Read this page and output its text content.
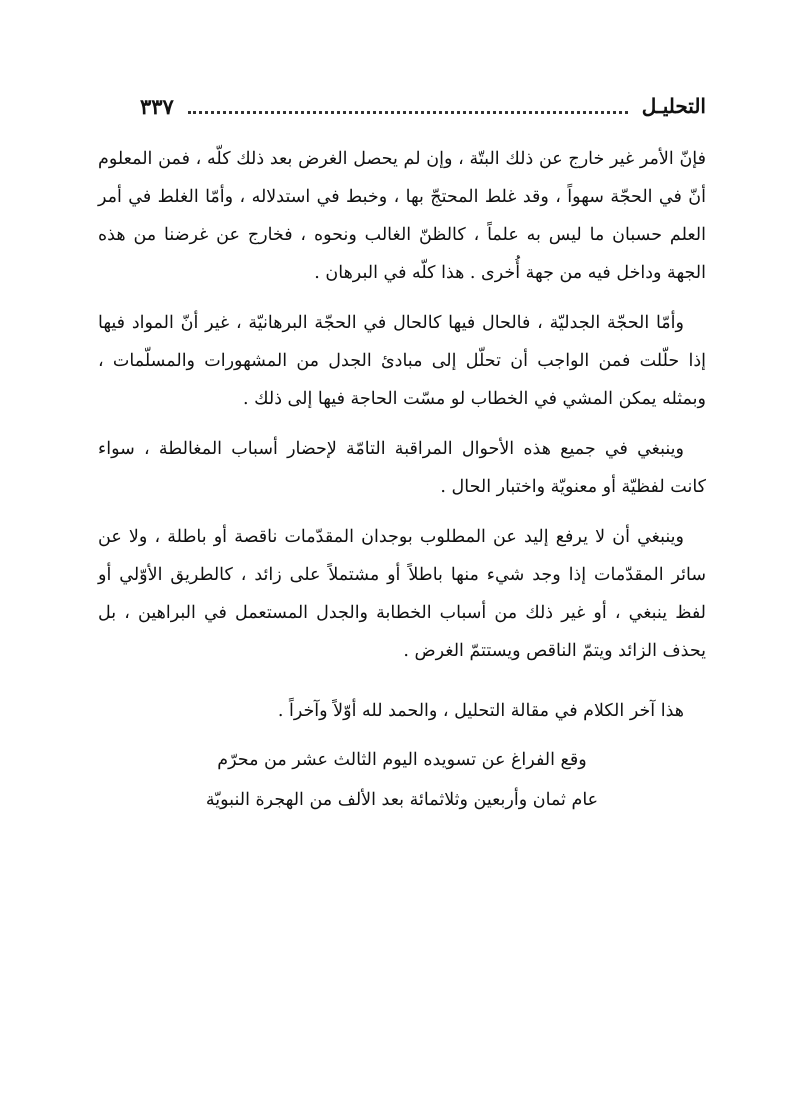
التحليـل
٣٣٧

فإنّ الأمر غير خارج عن ذلك البتّة ، وإن لم يحصل الغرض بعد ذلك كلّه ، فمن المعلوم أنّ في الحجّة سهواً ، وقد غلط المحتجّ بها ، وخبط في استدلاله ، وأمّا الغلط في أمر العلم حسبان ما ليس به علماً ، كالظنّ الغالب ونحوه ، فخارج عن غرضنا من هذه الجهة وداخل فيه من جهة أُخرى . هذا كلّه في البرهان .

وأمّا الحجّة الجدليّة ، فالحال فيها كالحال في الحجّة البرهانيّة ، غير أنّ المواد فيها إذا حلّلت فمن الواجب أن تحلّل إلى مبادئ الجدل من المشهورات والمسلّمات ، وبمثله يمكن المشي في الخطاب لو مسّت الحاجة فيها إلى ذلك .

وينبغي في جميع هذه الأحوال المراقبة التامّة لإحضار أسباب المغالطة ، سواء كانت لفظيّة أو معنويّة واختبار الحال .

وينبغي أن لا يرفع إليد عن المطلوب بوجدان المقدّمات ناقصة أو باطلة ، ولا عن سائر المقدّمات إذا وجد شيء منها باطلاً أو مشتملاً على زائد ، كالطريق الأوّلي أو لفظ ينبغي ، أو غير ذلك من أسباب الخطابة والجدل المستعمل في البراهين ، بل يحذف الزائد ويتمّ الناقص ويستتمّ الغرض .

هذا آخر الكلام في مقالة التحليل ، والحمد لله أوّلاً وآخراً .

وقع الفراغ عن تسويده اليوم الثالث عشر من محرّم

عام ثمان وأربعين وثلاثمائة بعد الألف من الهجرة النبويّة
